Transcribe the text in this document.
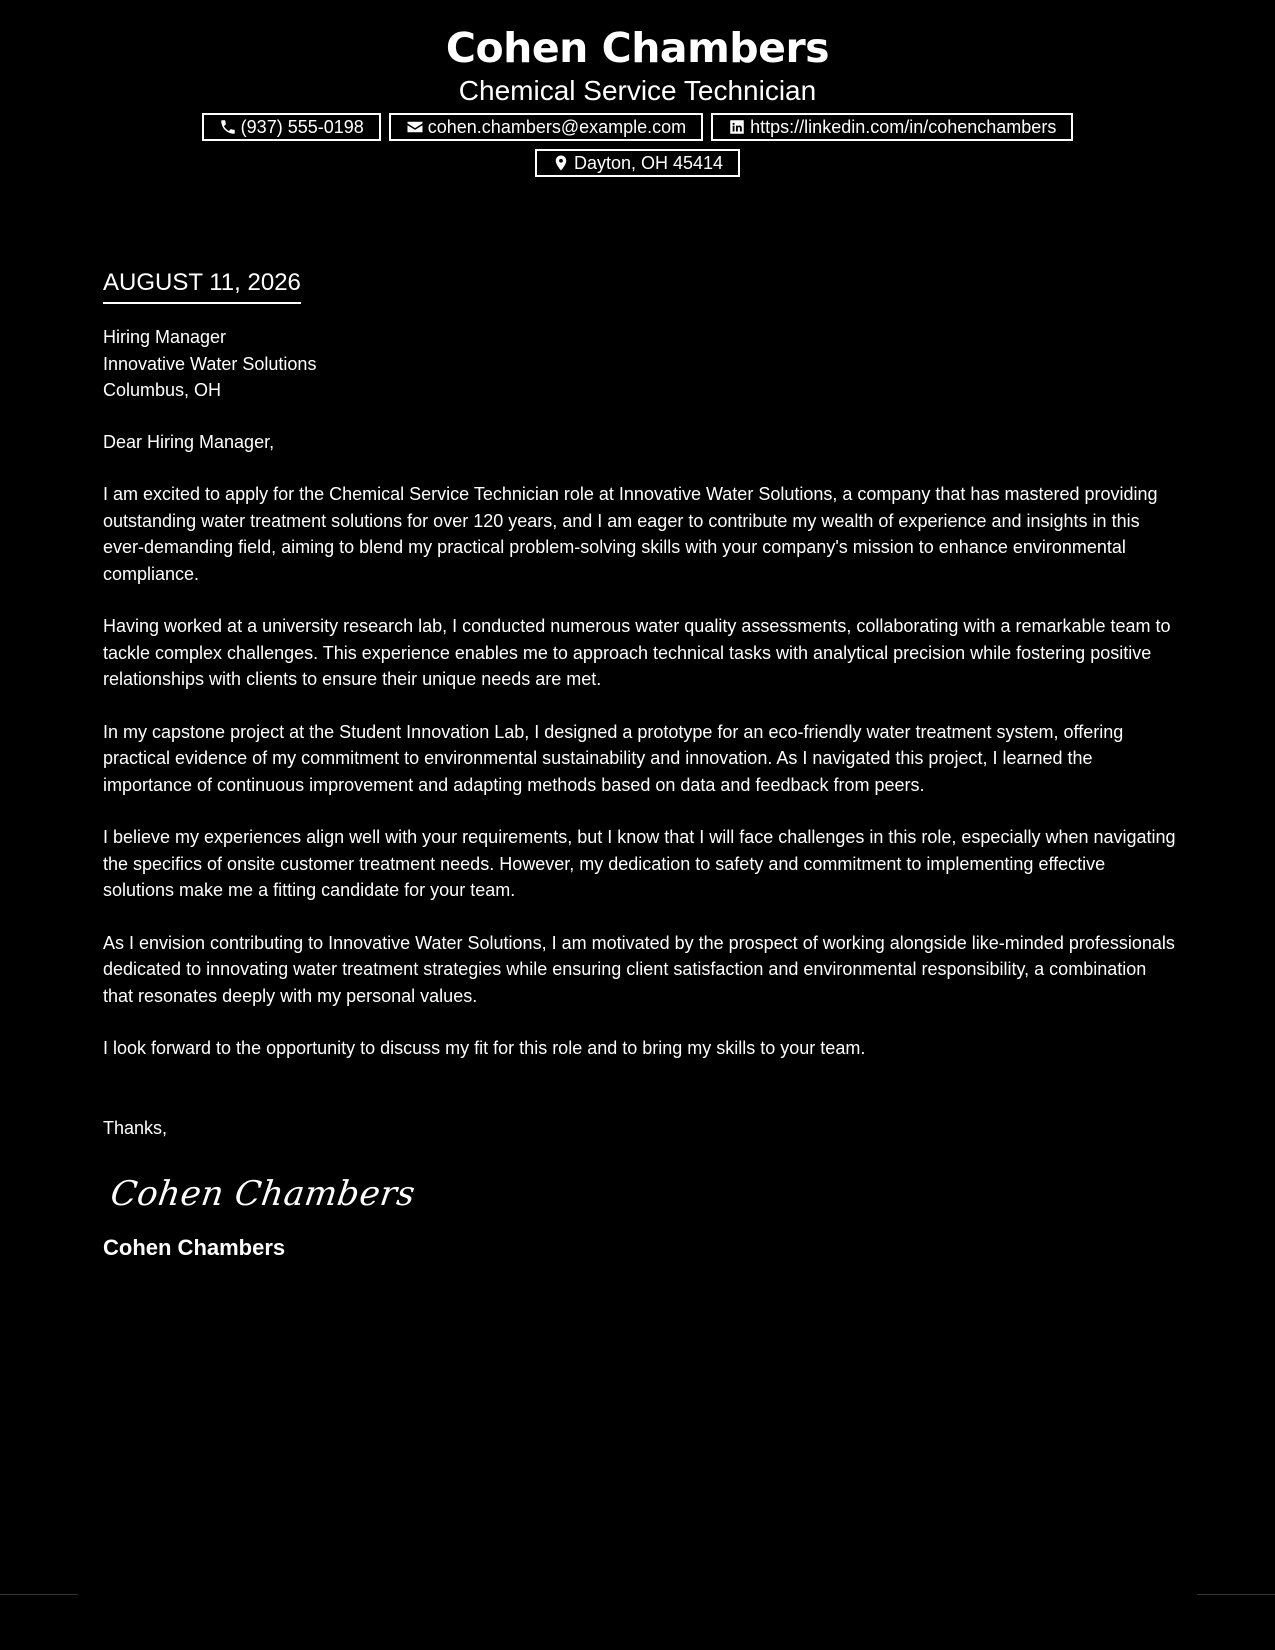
Cohen Chambers
Chemical Service Technician
(937) 555-0198	cohen.chambers@example.com	https://linkedin.com/in/cohenchambers
Dayton, OH 45414
AUGUST 11, 2026

Hiring Manager

Innovative Water Solutions

Columbus, OH

Dear Hiring Manager,

I am excited to apply for the Chemical Service Technician role at Innovative Water Solutions, a company that has mastered providing outstanding water treatment solutions for over 120 years, and I am eager to contribute my wealth of experience and insights in this ever-demanding field, aiming to blend my practical problem-solving skills with your company's mission to enhance environmental compliance.

Having worked at a university research lab, I conducted numerous water quality assessments, collaborating with a remarkable team to tackle complex challenges. This experience enables me to approach technical tasks with analytical precision while fostering positive relationships with clients to ensure their unique needs are met.

In my capstone project at the Student Innovation Lab, I designed a prototype for an eco-friendly water treatment system, offering practical evidence of my commitment to environmental sustainability and innovation. As I navigated this project, I learned the importance of continuous improvement and adapting methods based on data and feedback from peers.

I believe my experiences align well with your requirements, but I know that I will face challenges in this role, especially when navigating the specifics of onsite customer treatment needs. However, my dedication to safety and commitment to implementing effective solutions make me a fitting candidate for your team.

As I envision contributing to Innovative Water Solutions, I am motivated by the prospect of working alongside like-minded professionals dedicated to innovating water treatment strategies while ensuring client satisfaction and environmental responsibility, a combination that resonates deeply with my personal values.

I look forward to the opportunity to discuss my fit for this role and to bring my skills to your team.

Thanks,

Cohen Chambers

Cohen Chambers
